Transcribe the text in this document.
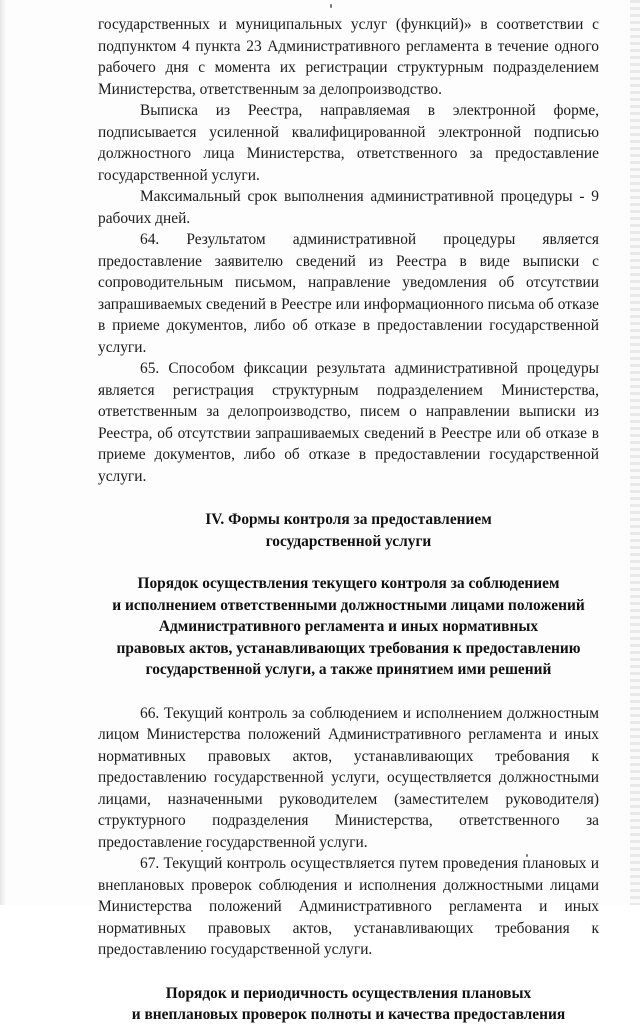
государственных и муниципальных услуг (функций)» в соответствии с подпунктом 4 пункта 23 Административного регламента в течение одного рабочего дня с момента их регистрации структурным подразделением Министерства, ответственным за делопроизводство.

Выписка из Реестра, направляемая в электронной форме, подписывается усиленной квалифицированной электронной подписью должностного лица Министерства, ответственного за предоставление государственной услуги.

Максимальный срок выполнения административной процедуры - 9 рабочих дней.

64. Результатом административной процедуры является предоставление заявителю сведений из Реестра в виде выписки с сопроводительным письмом, направление уведомления об отсутствии запрашиваемых сведений в Реестре или информационного письма об отказе в приеме документов, либо об отказе в предоставлении государственной услуги.

65. Способом фиксации результата административной процедуры является регистрация структурным подразделением Министерства, ответственным за делопроизводство, писем о направлении выписки из Реестра, об отсутствии запрашиваемых сведений в Реестре или об отказе в приеме документов, либо об отказе в предоставлении государственной услуги.

IV. Формы контроля за предоставлением
государственной услуги
Порядок осуществления текущего контроля за соблюдением
и исполнением ответственными должностными лицами положений
Административного регламента и иных нормативных
правовых актов, устанавливающих требования к предоставлению
государственной услуги, а также принятием ими решений

66. Текущий контроль за соблюдением и исполнением должностным лицом Министерства положений Административного регламента и иных нормативных правовых актов, устанавливающих требования к предоставлению государственной услуги, осуществляется должностными лицами, назначенными руководителем (заместителем руководителя) структурного подразделения Министерства, ответственного за предоставление государственной услуги.

67. Текущий контроль осуществляется путем проведения плановых и внеплановых проверок соблюдения и исполнения должностными лицами Министерства положений Административного регламента и иных нормативных правовых актов, устанавливающих требования к предоставлению государственной услуги.

Порядок и периодичность осуществления плановых
и внеплановых проверок полноты и качества предоставления
